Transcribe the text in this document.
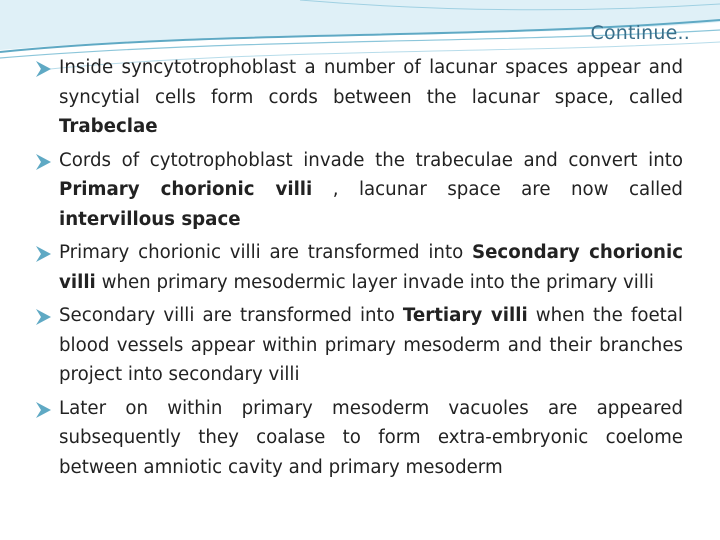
Continue..
Inside syncytotrophoblast a number of lacunar spaces appear and syncytial cells form cords between the lacunar space, called Trabeclae
Cords of cytotrophoblast invade the trabeculae and convert into Primary chorionic villi , lacunar space are now called intervillous space
Primary chorionic villi are transformed into Secondary chorionic villi when primary mesodermic layer invade into the primary villi
Secondary villi are transformed into Tertiary villi when the foetal blood vessels appear within primary mesoderm and their branches project into secondary villi
Later on within primary mesoderm vacuoles are appeared subsequently they coalase to form extra-embryonic coelome between amniotic cavity and primary mesoderm
